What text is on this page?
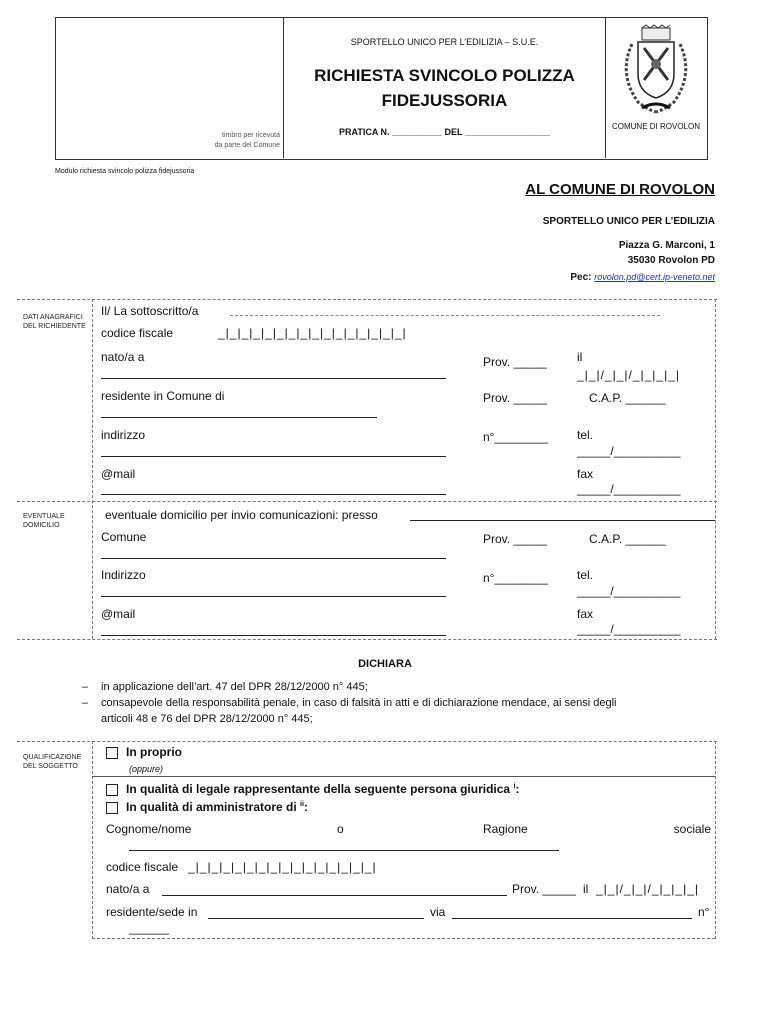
timbro per ricevuta
da parte del Comune
SPORTELLO UNICO PER L’EDILIZIA – S.U.E.
RICHIESTA SVINCOLO POLIZZA
FIDEJUSSORIA
PRATICA N. __________ DEL _________________
COMUNE DI ROVOLON
Modulo richiesta svincolo polizza fidejussoria
AL COMUNE DI ROVOLON
SPORTELLO UNICO PER L’EDILIZIA
Piazza G. Marconi, 1
35030 Rovolon PD
Pec: rovolon.pd@cert.ip-veneto.net
DATI ANAGRAFICI DEL RICHIEDENTE
Il/ La sottoscritto/a
codice fiscale	_|_|_|_|_|_|_|_|_|_|_|_|_|_|_|_|
nato/a a	Prov. _____	il
_|_|/_|_|/_|_|_|_|
residente in Comune di	Prov. _____	C.A.P. ______
indirizzo	n°________ tel.
_____/__________
@mail	fax
_____/__________
EVENTUALE DOMICILIO
eventuale domicilio per invio comunicazioni: presso
Comune	Prov. _____	C.A.P. ______
Indirizzo	n°________ tel.
_____/__________
@mail	fax
_____/__________
DICHIARA
– in applicazione dell’art. 47 del DPR 28/12/2000 n° 445;
– consapevole della responsabilità penale, in caso di falsità in atti e di dichiarazione mendace, ai sensi degli
articoli 48 e 76 del DPR 28/12/2000 n° 445;
QUALIFICAZIONE DEL SOGGETTO
In proprio
(oppure)
In qualità di legale rappresentante della seguente persona giuridica $^i$:
In qualità di amministratore di $^{ii}$:
Cognome/nome	o	Ragione	sociale
codice fiscale _|_|_|_|_|_|_|_|_|_|_|_|_|_|_|_|
nato/a a	Prov. _____ il _|_|/_|_|/_|_|_|_|
residente/sede in	via	n°
______
